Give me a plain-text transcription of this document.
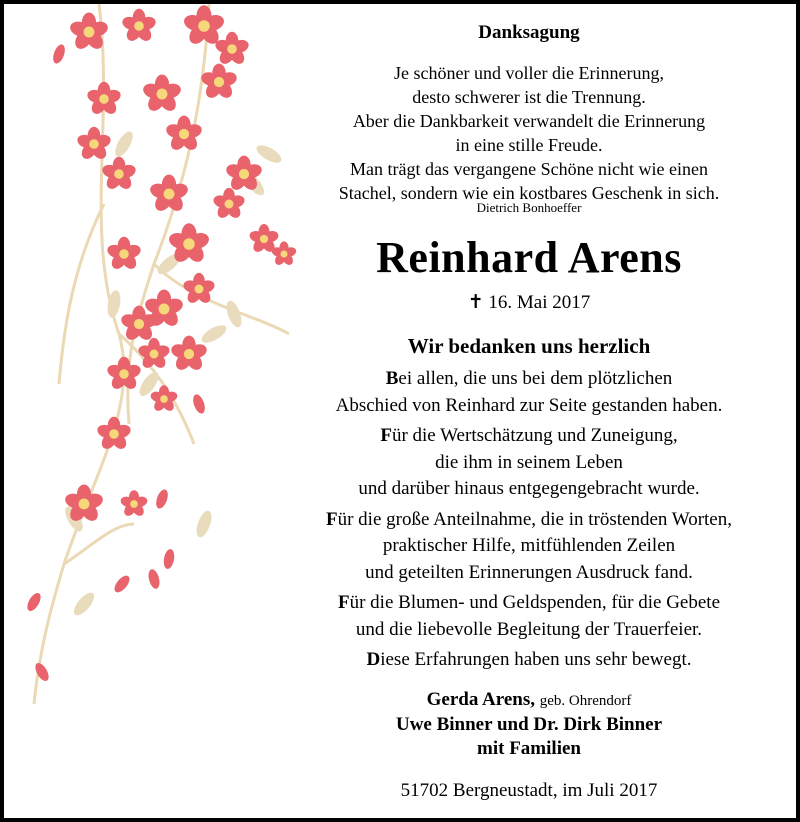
Danksagung
Je schöner und voller die Erinnerung,
desto schwerer ist die Trennung.
Aber die Dankbarkeit verwandelt die Erinnerung
in eine stille Freude.
Man trägt das vergangene Schöne nicht wie einen
Stachel, sondern wie ein kostbares Geschenk in sich.
Dietrich Bonhoeffer
Reinhard Arens
✝ 16. Mai 2017
Wir bedanken uns herzlich
Bei allen, die uns bei dem plötzlichen
Abschied von Reinhard zur Seite gestanden haben.
Für die Wertschätzung und Zuneigung,
die ihm in seinem Leben
und darüber hinaus entgegengebracht wurde.
Für die große Anteilnahme, die in tröstenden Worten,
praktischer Hilfe, mitfühlenden Zeilen
und geteilten Erinnerungen Ausdruck fand.
Für die Blumen- und Geldspenden, für die Gebete
und die liebevolle Begleitung der Trauerfeier.
Diese Erfahrungen haben uns sehr bewegt.
Gerda Arens, geb. Ohrendorf
Uwe Binner und Dr. Dirk Binner
mit Familien
51702 Bergneustadt, im Juli 2017
